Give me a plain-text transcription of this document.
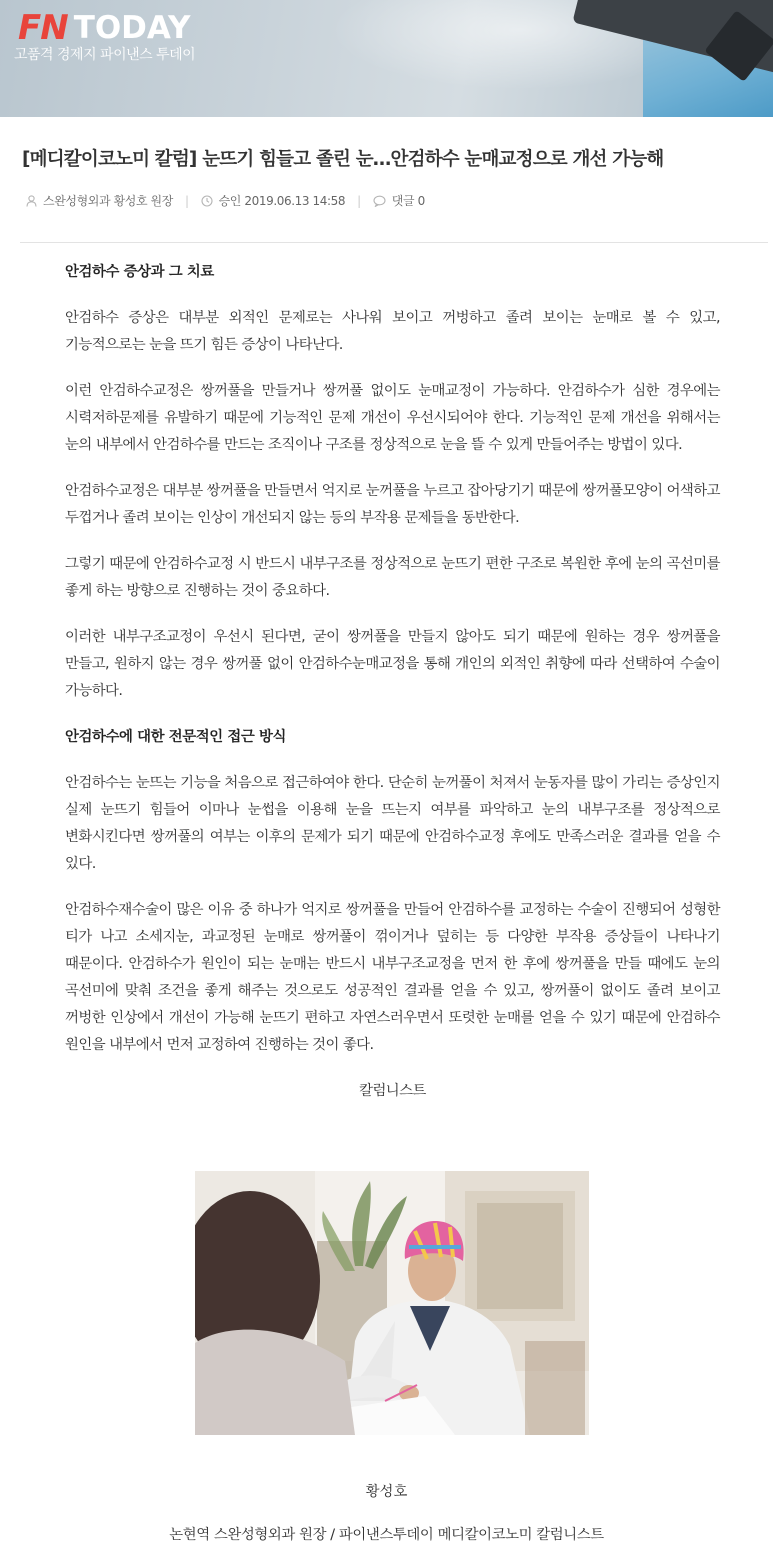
FN TODAY
고품격 경제지 파이낸스 투데이
[메디칼이코노미 칼럼] 눈뜨기 힘들고 졸린 눈…안검하수 눈매교정으로 개선 가능해
스완성형외과 황성호 원장 |	승인 2019.06.13 14:58 |	댓글 0
안검하수 증상과 그 치료

안검하수 증상은 대부분 외적인 문제로는 사나워 보이고 꺼벙하고 졸려 보이는 눈매로 볼 수 있고, 기능적으로는 눈을 뜨기 힘든 증상이 나타난다.

이런 안검하수교정은 쌍꺼풀을 만들거나 쌍꺼풀 없이도 눈매교정이 가능하다. 안검하수가 심한 경우에는 시력저하문제를 유발하기 때문에 기능적인 문제 개선이 우선시되어야 한다. 기능적인 문제 개선을 위해서는 눈의 내부에서 안검하수를 만드는 조직이나 구조를 정상적으로 눈을 뜰 수 있게 만들어주는 방법이 있다.

안검하수교정은 대부분 쌍꺼풀을 만들면서 억지로 눈꺼풀을 누르고 잡아당기기 때문에 쌍꺼풀모양이 어색하고 두껍거나 졸려 보이는 인상이 개선되지 않는 등의 부작용 문제들을 동반한다.

그렇기 때문에 안검하수교정 시 반드시 내부구조를 정상적으로 눈뜨기 편한 구조로 복원한 후에 눈의 곡선미를 좋게 하는 방향으로 진행하는 것이 중요하다.

이러한 내부구조교정이 우선시 된다면, 굳이 쌍꺼풀을 만들지 않아도 되기 때문에 원하는 경우 쌍꺼풀을 만들고, 원하지 않는 경우 쌍꺼풀 없이 안검하수눈매교정을 통해 개인의 외적인 취향에 따라 선택하여 수술이 가능하다.

안검하수에 대한 전문적인 접근 방식

안검하수는 눈뜨는 기능을 처음으로 접근하여야 한다. 단순히 눈꺼풀이 처져서 눈동자를 많이 가리는 증상인지 실제 눈뜨기 힘들어 이마나 눈썹을 이용해 눈을 뜨는지 여부를 파악하고 눈의 내부구조를 정상적으로 변화시킨다면 쌍꺼풀의 여부는 이후의 문제가 되기 때문에 안검하수교정 후에도 만족스러운 결과를 얻을 수 있다.

안검하수재수술이 많은 이유 중 하나가 억지로 쌍꺼풀을 만들어 안검하수를 교정하는 수술이 진행되어 성형한 티가 나고 소세지눈, 과교정된 눈매로 쌍꺼풀이 꺾이거나 덮히는 등 다양한 부작용 증상들이 나타나기 때문이다. 안검하수가 원인이 되는 눈매는 반드시 내부구조교정을 먼저 한 후에 쌍꺼풀을 만들 때에도 눈의 곡선미에 맞춰 조건을 좋게 해주는 것으로도 성공적인 결과를 얻을 수 있고, 쌍꺼풀이 없이도 졸려 보이고 꺼벙한 인상에서 개선이 가능해 눈뜨기 편하고 자연스러우면서 또렷한 눈매를 얻을 수 있기 때문에 안검하수 원인을 내부에서 먼저 교정하여 진행하는 것이 좋다.

칼럼니스트

황성호
논현역 스완성형외과 원장 / 파이낸스투데이 메디칼이코노미 칼럼니스트
